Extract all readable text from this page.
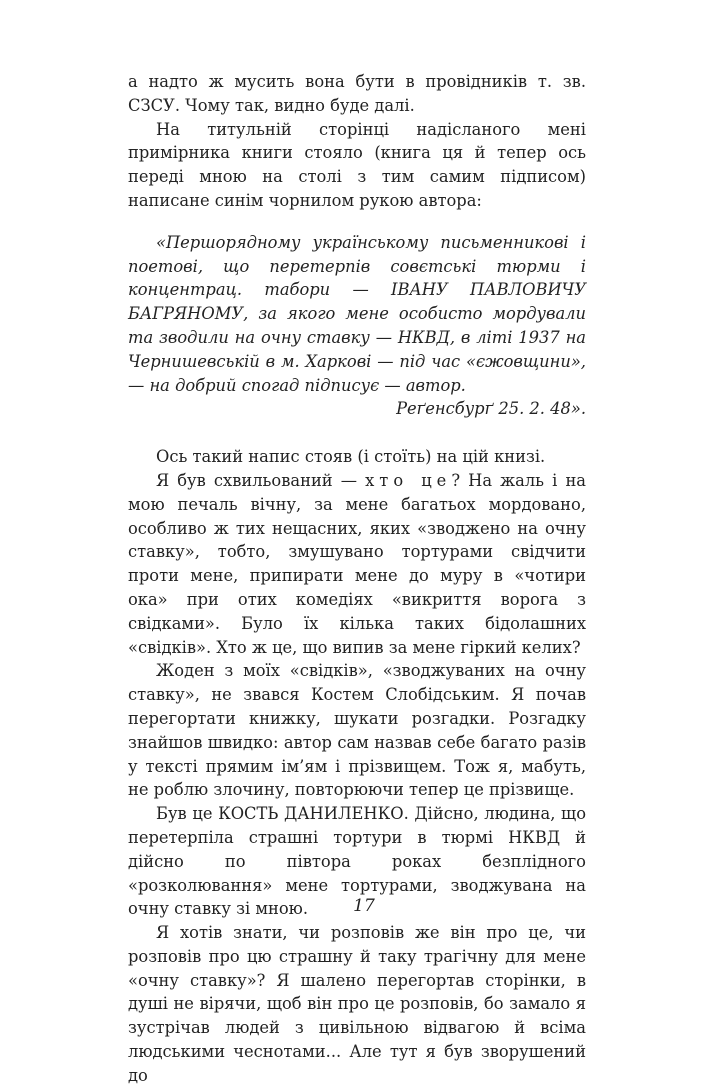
а надто ж мусить вона бути в провідників т. зв. СЗСУ. Чому так, видно буде далі.

На титульній сторінці надісланого мені примірника книги стояло (книга ця й тепер ось переді мною на столі з тим самим підписом) написане синім чорнилом рукою автора:

«Першорядному українському письменникові і поетові, що перетерпів совєтські тюрми і концентрац. табори — ІВАНУ ПАВЛОВИЧУ БАГРЯНОМУ, за якого мене особисто мордували та зводили на очну ставку — НКВД, в літі 1937 на Чернишевській в м. Харкові — під час «єжовщини», — на добрий спогад підписує — автор.

Реґенсбурґ 25. 2. 48».

Ось такий напис стояв (і стоїть) на цій книзі.

Я був схвильований — хто це? На жаль і на мою печаль вічну, за мене багатьох мордовано, особливо ж тих нещасних, яких «зводжено на очну ставку», тобто, змушувано тортурами свідчити проти мене, припирати мене до муру в «чотири ока» при отих комедіях «викриття ворога з свідками». Було їх кілька таких бідолашних «свідків». Хто ж це, що випив за мене гіркий келих?

Жоден з моїх «свідків», «зводжуваних на очну ставку», не звався Костем Слобідським. Я почав перегортати книжку, шукати розгадки. Розгадку знайшов швидко: автор сам назвав себе багато разів у тексті прямим ім’ям і прізвищем. Тож я, мабуть, не роблю злочину, повторюючи тепер це прізвище.

Був це КОСТЬ ДАНИЛЕНКО. Дійсно, людина, що перетерпіла страшні тортури в тюрмі НКВД й дійсно по півтора роках безплідного «розколювання» мене тортурами, зводжувана на очну ставку зі мною.

Я хотів знати, чи розповів же він про це, чи розповів про цю страшну й таку трагічну для мене «очну ставку»? Я шалено перегортав сторінки, в душі не вірячи, щоб він про це розповів, бо замало я зустрічав людей з цивільною відвагою й всіма людськими чеснотами... Але тут я був зворушений до

17
